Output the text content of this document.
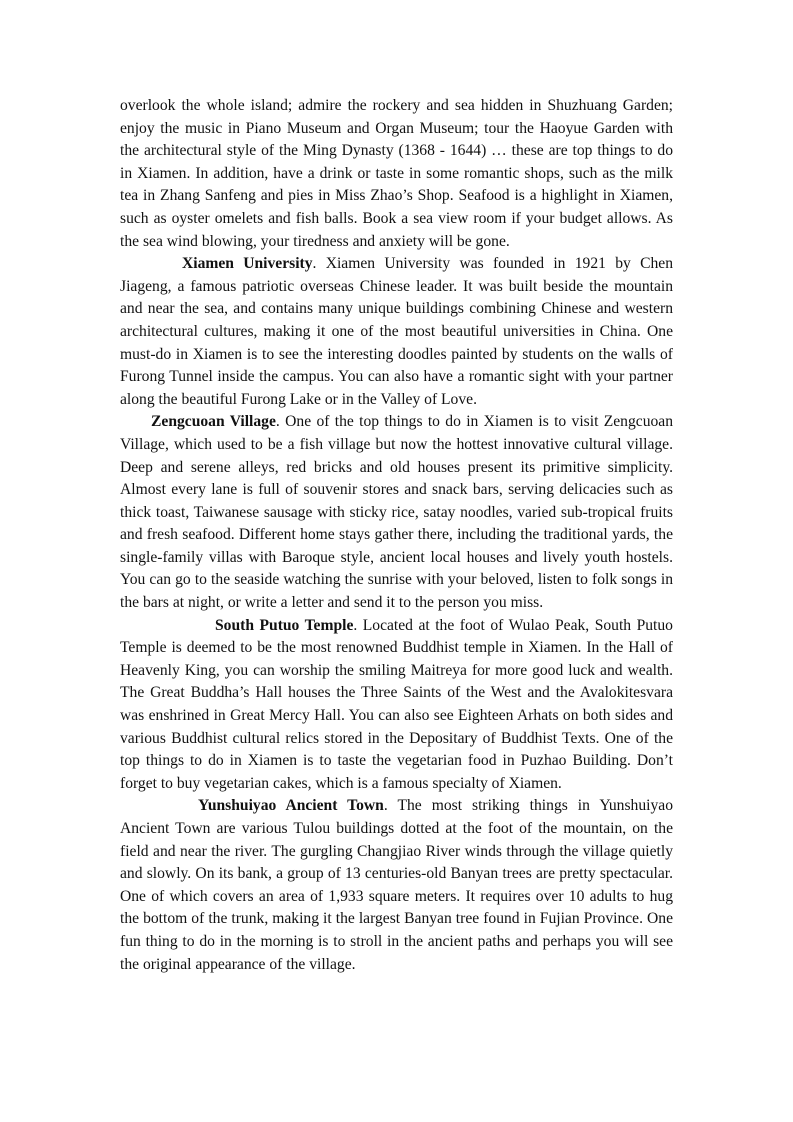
overlook the whole island; admire the rockery and sea hidden in Shuzhuang Garden; enjoy the music in Piano Museum and Organ Museum; tour the Haoyue Garden with the architectural style of the Ming Dynasty (1368 - 1644) … these are top things to do in Xiamen. In addition, have a drink or taste in some romantic shops, such as the milk tea in Zhang Sanfeng and pies in Miss Zhao’s Shop. Seafood is a highlight in Xiamen, such as oyster omelets and fish balls. Book a sea view room if your budget allows. As the sea wind blowing, your tiredness and anxiety will be gone.

Xiamen University. Xiamen University was founded in 1921 by Chen Jiageng, a famous patriotic overseas Chinese leader. It was built beside the mountain and near the sea, and contains many unique buildings combining Chinese and western architectural cultures, making it one of the most beautiful universities in China. One must-do in Xiamen is to see the interesting doodles painted by students on the walls of Furong Tunnel inside the campus. You can also have a romantic sight with your partner along the beautiful Furong Lake or in the Valley of Love.

Zengcuoan Village. One of the top things to do in Xiamen is to visit Zengcuoan Village, which used to be a fish village but now the hottest innovative cultural village. Deep and serene alleys, red bricks and old houses present its primitive simplicity. Almost every lane is full of souvenir stores and snack bars, serving delicacies such as thick toast, Taiwanese sausage with sticky rice, satay noodles, varied sub-tropical fruits and fresh seafood. Different home stays gather there, including the traditional yards, the single-family villas with Baroque style, ancient local houses and lively youth hostels. You can go to the seaside watching the sunrise with your beloved, listen to folk songs in the bars at night, or write a letter and send it to the person you miss.

South Putuo Temple. Located at the foot of Wulao Peak, South Putuo Temple is deemed to be the most renowned Buddhist temple in Xiamen. In the Hall of Heavenly King, you can worship the smiling Maitreya for more good luck and wealth. The Great Buddha’s Hall houses the Three Saints of the West and the Avalokitesvara was enshrined in Great Mercy Hall. You can also see Eighteen Arhats on both sides and various Buddhist cultural relics stored in the Depositary of Buddhist Texts. One of the top things to do in Xiamen is to taste the vegetarian food in Puzhao Building. Don’t forget to buy vegetarian cakes, which is a famous specialty of Xiamen.

Yunshuiyao Ancient Town. The most striking things in Yunshuiyao Ancient Town are various Tulou buildings dotted at the foot of the mountain, on the field and near the river. The gurgling Changjiao River winds through the village quietly and slowly. On its bank, a group of 13 centuries-old Banyan trees are pretty spectacular. One of which covers an area of 1,933 square meters. It requires over 10 adults to hug the bottom of the trunk, making it the largest Banyan tree found in Fujian Province. One fun thing to do in the morning is to stroll in the ancient paths and perhaps you will see the original appearance of the village.
